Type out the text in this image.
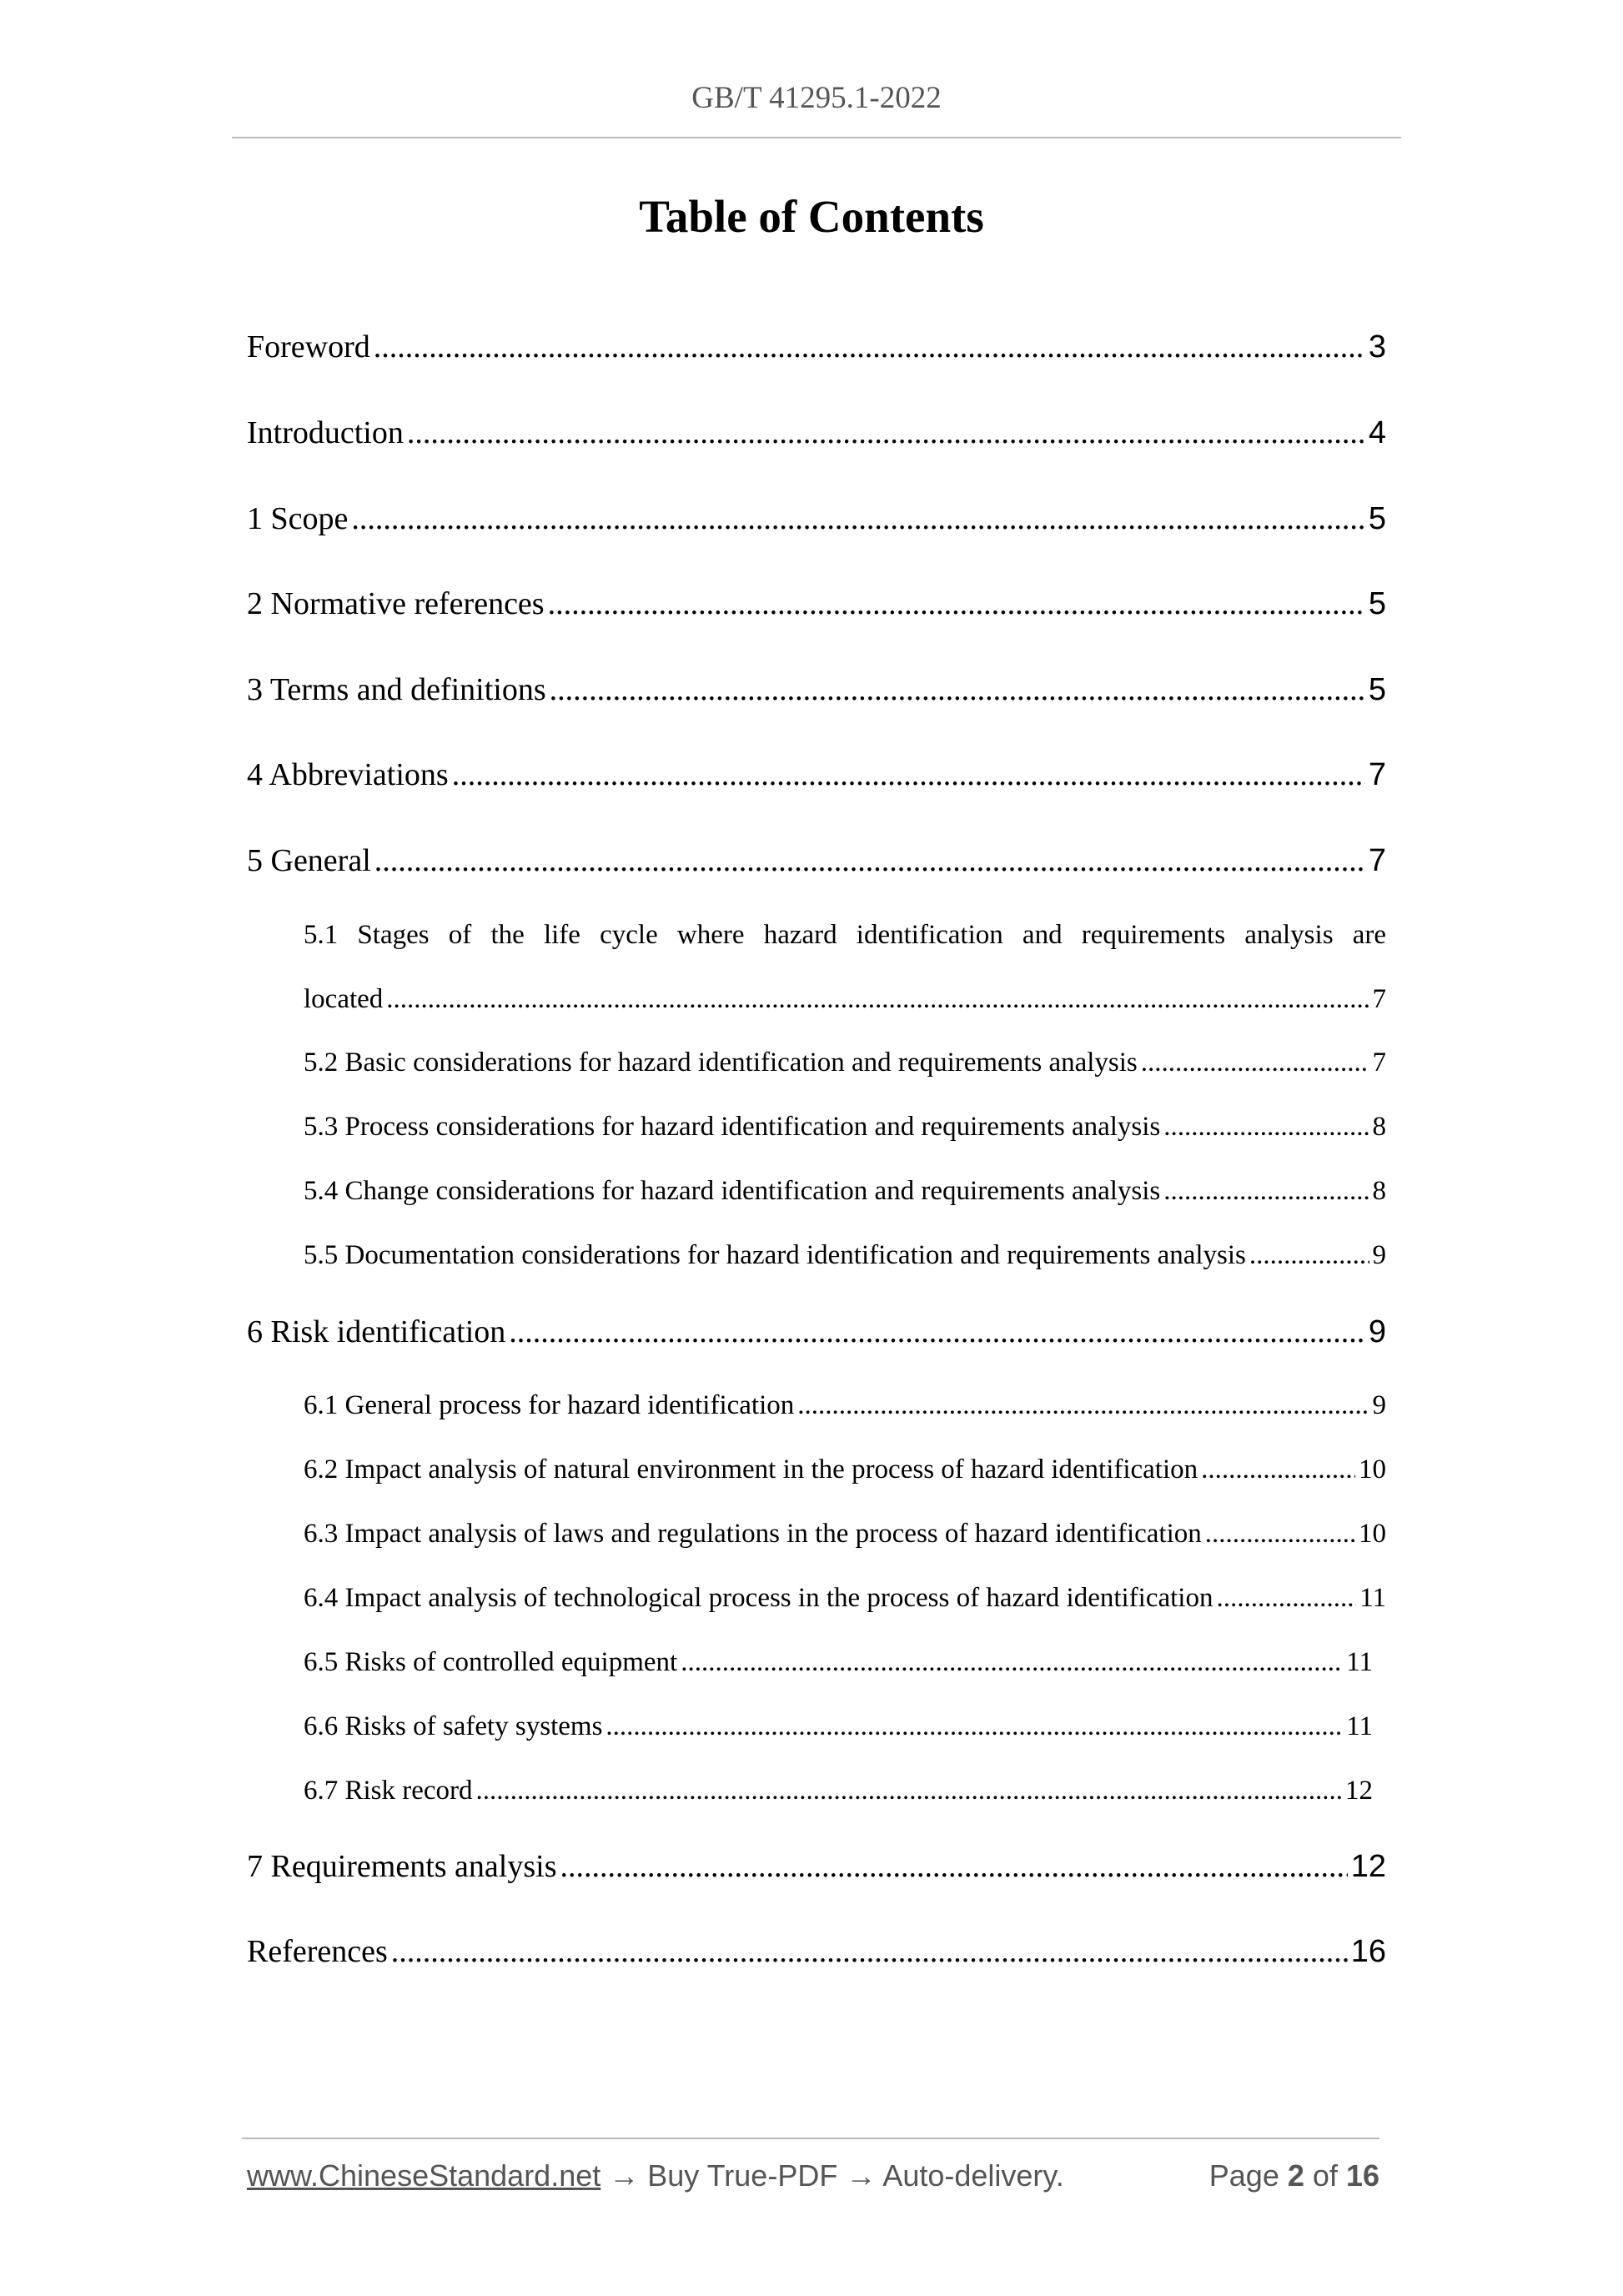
GB/T 41295.1-2022
Table of Contents
Foreword .....	3
Introduction .....	4
1 Scope .....	5
2 Normative references .....	5
3 Terms and definitions .....	5
4 Abbreviations .....	7
5 General .....	7
5.1 Stages of the life cycle where hazard identification and requirements analysis are
located .....	7
5.2 Basic considerations for hazard identification and requirements analysis .....	7
5.3 Process considerations for hazard identification and requirements analysis .....	8
5.4 Change considerations for hazard identification and requirements analysis .....	8
5.5 Documentation considerations for hazard identification and requirements analysis .....	9
6 Risk identification .....	9
6.1 General process for hazard identification .....	9
6.2 Impact analysis of natural environment in the process of hazard identification .....	10
6.3 Impact analysis of laws and regulations in the process of hazard identification .....	10
6.4 Impact analysis of technological process in the process of hazard identification .....	11
6.5 Risks of controlled equipment .....	11
6.6 Risks of safety systems .....	11
6.7 Risk record .....	12
7 Requirements analysis .....	12
References .....	16
www.ChineseStandard.net → Buy True-PDF → Auto-delivery.	Page 2 of 16
